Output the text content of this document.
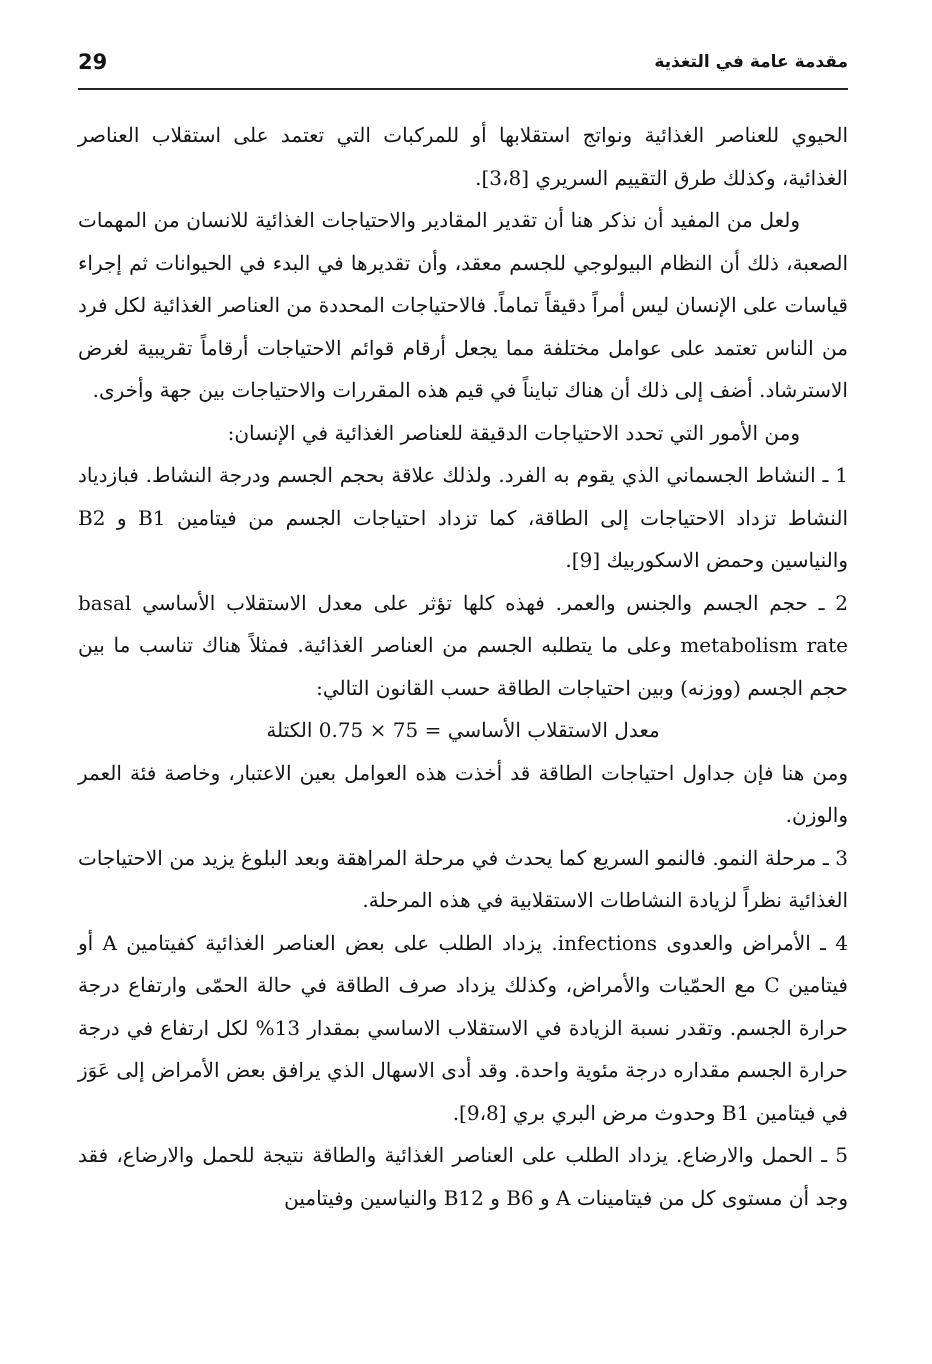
29	مقدمة عامة في التغذية

الحيوي للعناصر الغذائية ونواتج استقلابها أو للمركبات التي تعتمد على استقلاب العناصر الغذائية، وكذلك طرق التقييم السريري [3،8].

ولعل من المفيد أن نذكر هنا أن تقدير المقادير والاحتياجات الغذائية للانسان من المهمات الصعبة، ذلك أن النظام البيولوجي للجسم معقد، وأن تقديرها في البدء في الحيوانات ثم إجراء قياسات على الإنسان ليس أمراً دقيقاً تماماً. فالاحتياجات المحددة من العناصر الغذائية لكل فرد من الناس تعتمد على عوامل مختلفة مما يجعل أرقام قوائم الاحتياجات أرقاماً تقريبية لغرض الاسترشاد. أضف إلى ذلك أن هناك تبايناً في قيم هذه المقررات والاحتياجات بين جهة وأخرى.

ومن الأمور التي تحدد الاحتياجات الدقيقة للعناصر الغذائية في الإنسان:

1 ـ النشاط الجسماني الذي يقوم به الفرد. ولذلك علاقة بحجم الجسم ودرجة النشاط. فبازدياد النشاط تزداد الاحتياجات إلى الطاقة، كما تزداد احتياجات الجسم من فيتامين B1 و B2 والنياسين وحمض الاسكوربيك [9].

2 ـ حجم الجسم والجنس والعمر. فهذه كلها تؤثر على معدل الاستقلاب الأساسي basal metabolism rate وعلى ما يتطلبه الجسم من العناصر الغذائية. فمثلاً هناك تناسب ما بين حجم الجسم (ووزنه) وبين احتياجات الطاقة حسب القانون التالي:

معدل الاستقلاب الأساسي = 75 × 0.75 الكتلة

ومن هنا فإن جداول احتياجات الطاقة قد أخذت هذه العوامل بعين الاعتبار، وخاصة فئة العمر والوزن.

3 ـ مرحلة النمو. فالنمو السريع كما يحدث في مرحلة المراهقة وبعد البلوغ يزيد من الاحتياجات الغذائية نظراً لزيادة النشاطات الاستقلابية في هذه المرحلة.

4 ـ الأمراض والعدوى infections. يزداد الطلب على بعض العناصر الغذائية كفيتامين A أو فيتامين C مع الحمّيات والأمراض، وكذلك يزداد صرف الطاقة في حالة الحمّى وارتفاع درجة حرارة الجسم. وتقدر نسبة الزيادة في الاستقلاب الاساسي بمقدار 13% لكل ارتفاع في درجة حرارة الجسم مقداره درجة مئوية واحدة. وقد أدى الاسهال الذي يرافق بعض الأمراض إلى عَوَز في فيتامين B1 وحدوث مرض البري بري [9،8].

5 ـ الحمل والارضاع. يزداد الطلب على العناصر الغذائية والطاقة نتيجة للحمل والارضاع، فقد وجد أن مستوى كل من فيتامينات A و B6 و B12 والنياسين وفيتامين
